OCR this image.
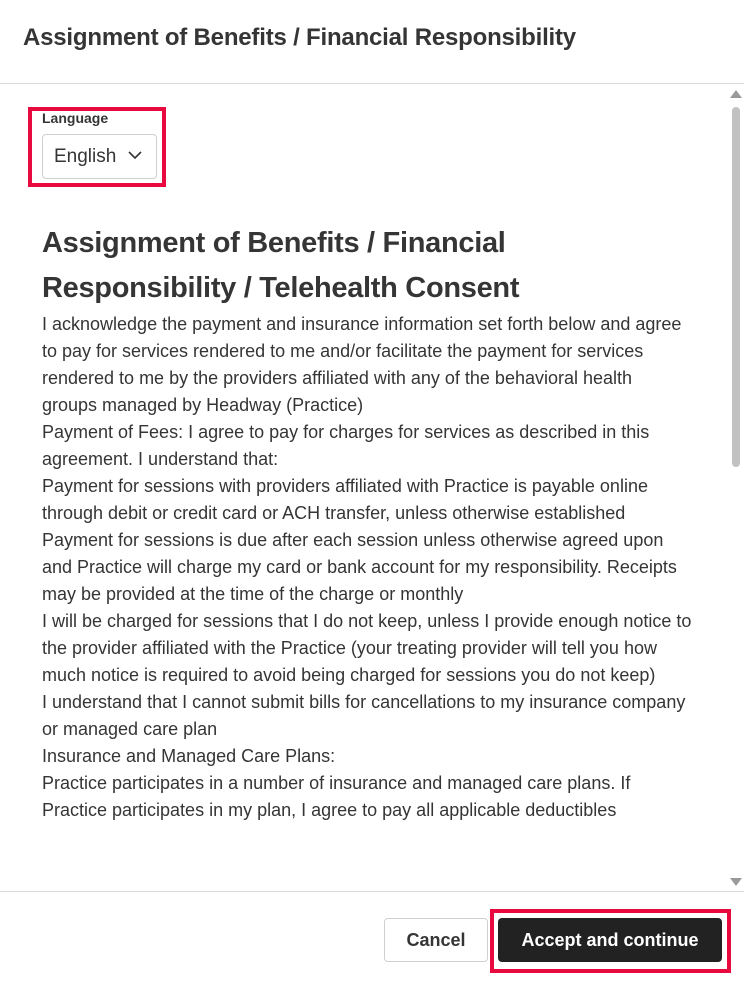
Assignment of Benefits / Financial Responsibility
Language
English
Assignment of Benefits / Financial Responsibility / Telehealth Consent

I acknowledge the payment and insurance information set forth below and agree to pay for services rendered to me and/or facilitate the payment for services rendered to me by the providers affiliated with any of the behavioral health groups managed by Headway (Practice)

Payment of Fees: I agree to pay for charges for services as described in this agreement. I understand that:

Payment for sessions with providers affiliated with Practice is payable online through debit or credit card or ACH transfer, unless otherwise established

Payment for sessions is due after each session unless otherwise agreed upon and Practice will charge my card or bank account for my responsibility. Receipts may be provided at the time of the charge or monthly

I will be charged for sessions that I do not keep, unless I provide enough notice to the provider affiliated with the Practice (your treating provider will tell you how much notice is required to avoid being charged for sessions you do not keep)

I understand that I cannot submit bills for cancellations to my insurance company or managed care plan

Insurance and Managed Care Plans:

Practice participates in a number of insurance and managed care plans. If Practice participates in my plan, I agree to pay all applicable deductibles

Cancel	Accept and continue
